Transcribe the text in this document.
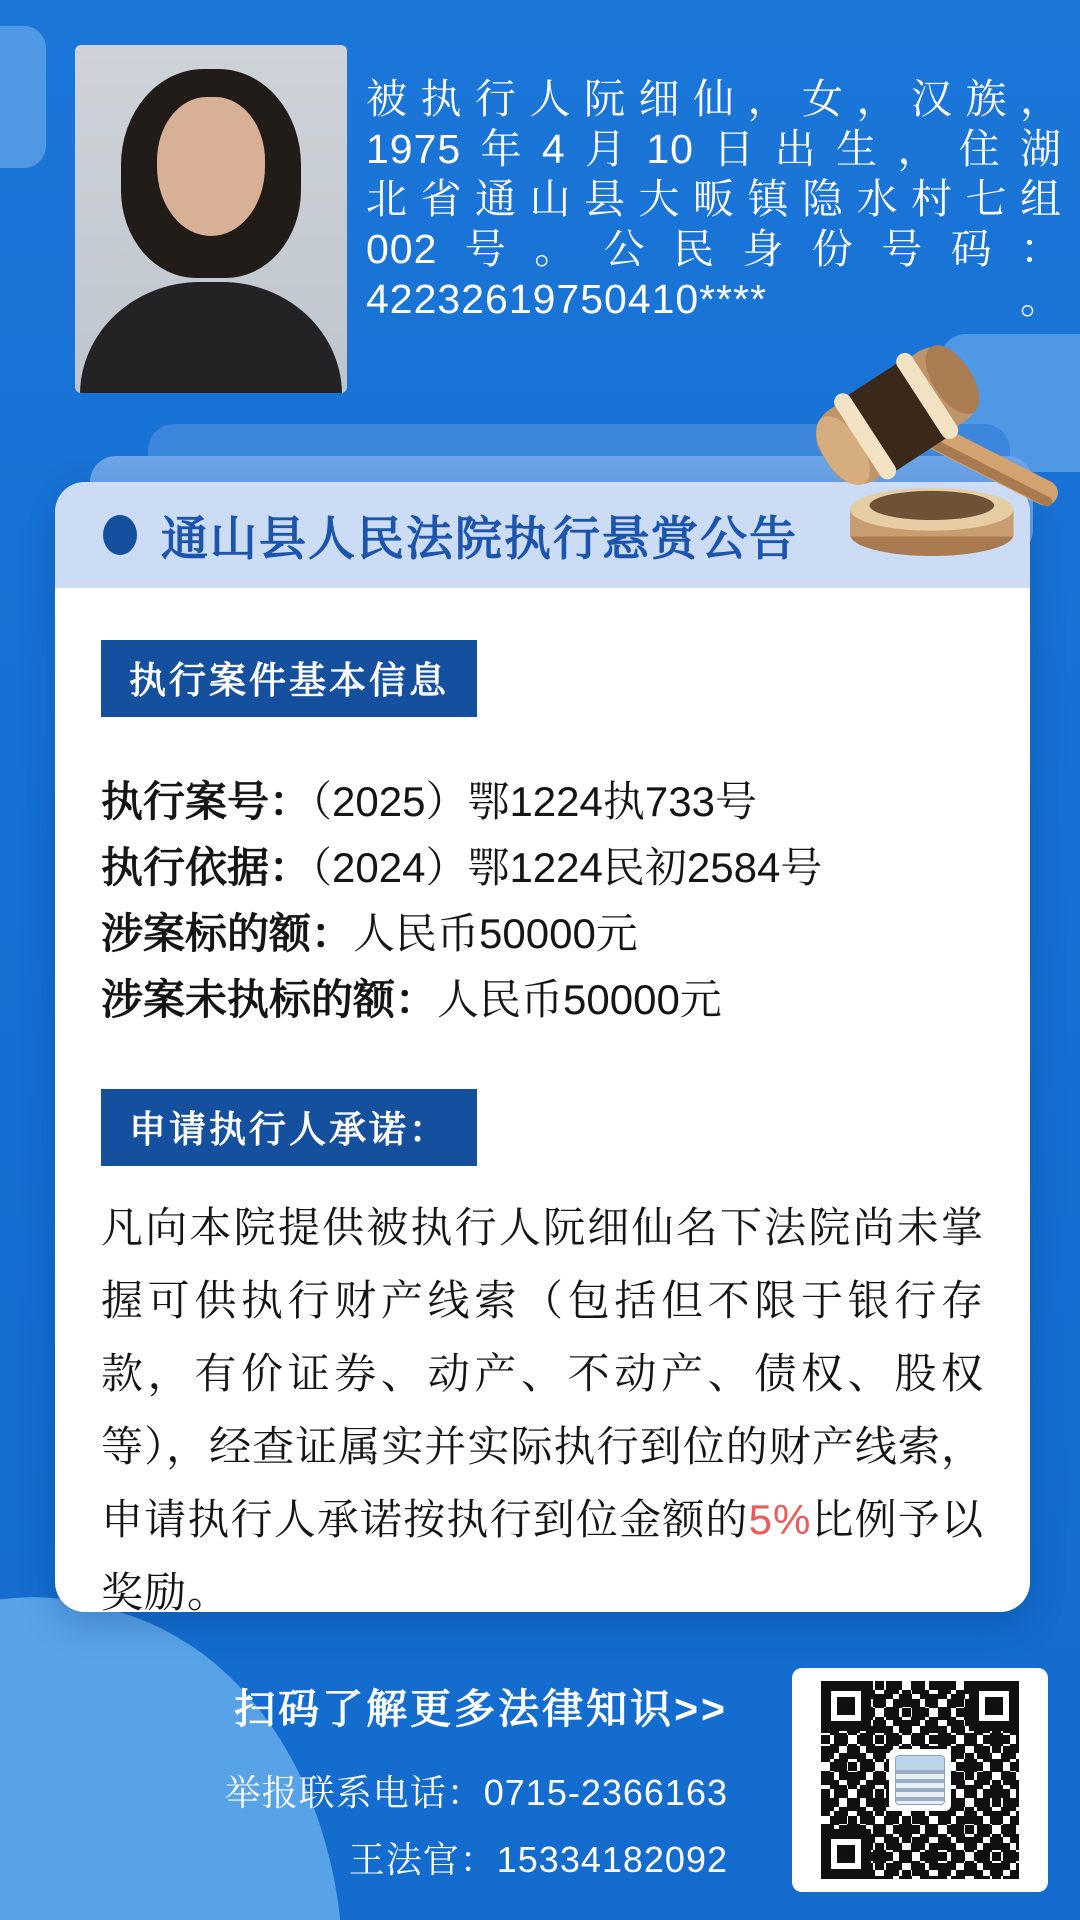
被执行人阮细仙，女，汉族，
1975年4月10日出生，住湖
北省通山县大畈镇隐水村七组
002号。公民身份号码：
42232619750410****。
通山县人民法院执行悬赏公告
执行案件基本信息
执行案号：（2025）鄂1224执733号
执行依据：（2024）鄂1224民初2584号
涉案标的额：人民币50000元
涉案未执标的额：人民币50000元
申请执行人承诺：
凡向本院提供被执行人阮细仙名下法院尚未掌握可供执行财产线索（包括但不限于银行存款，有价证券、动产、不动产、债权、股权等），经查证属实并实际执行到位的财产线索，申请执行人承诺按执行到位金额的5%比例予以奖励。
扫码了解更多法律知识>>
举报联系电话：0715-2366163
王法官：15334182092
